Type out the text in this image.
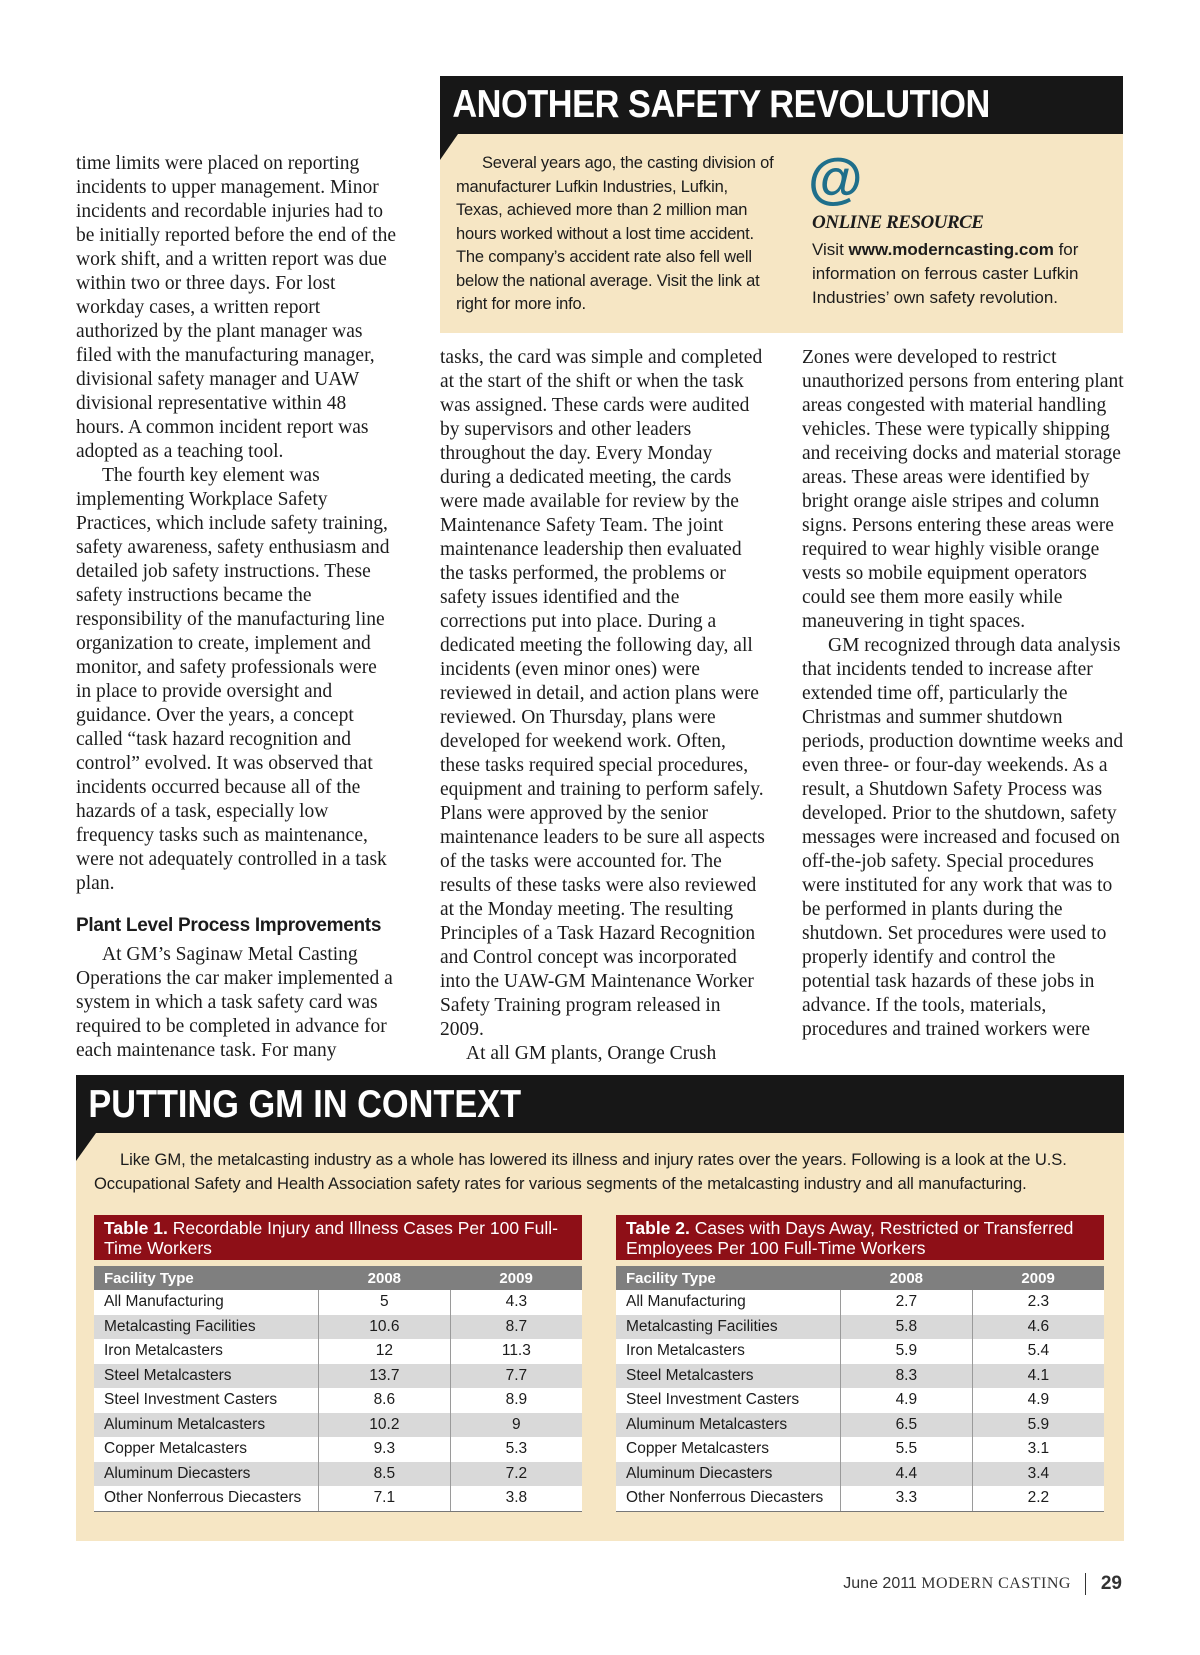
time limits were placed on reporting incidents to upper management. Minor incidents and recordable injuries had to be initially reported before the end of the work shift, and a written report was due within two or three days. For lost workday cases, a written report authorized by the plant manager was filed with the manufacturing manager, divisional safety manager and UAW divisional representative within 48 hours. A common incident report was adopted as a teaching tool.

The fourth key element was implementing Workplace Safety Practices, which include safety training, safety awareness, safety enthusiasm and detailed job safety instructions. These safety instructions became the responsibility of the manufacturing line organization to create, implement and monitor, and safety professionals were in place to provide oversight and guidance. Over the years, a concept called “task hazard recognition and control” evolved. It was observed that incidents occurred because all of the hazards of a task, especially low frequency tasks such as maintenance, were not adequately controlled in a task plan.

Plant Level Process Improvements

At GM’s Saginaw Metal Casting Operations the car maker implemented a system in which a task safety card was required to be completed in advance for each maintenance task. For many

tasks, the card was simple and completed at the start of the shift or when the task was assigned. These cards were audited by supervisors and other leaders throughout the day. Every Monday during a dedicated meeting, the cards were made available for review by the Maintenance Safety Team. The joint maintenance leadership then evaluated the tasks performed, the problems or safety issues identified and the corrections put into place. During a dedicated meeting the following day, all incidents (even minor ones) were reviewed in detail, and action plans were reviewed. On Thursday, plans were developed for weekend work. Often, these tasks required special procedures, equipment and training to perform safely. Plans were approved by the senior maintenance leaders to be sure all aspects of the tasks were accounted for. The results of these tasks were also reviewed at the Monday meeting. The resulting Principles of a Task Hazard Recognition and Control concept was incorporated into the UAW-GM Maintenance Worker Safety Training program released in 2009.

At all GM plants, Orange Crush

Zones were developed to restrict unauthorized persons from entering plant areas congested with material handling vehicles. These were typically shipping and receiving docks and material storage areas. These areas were identified by bright orange aisle stripes and column signs. Persons entering these areas were required to wear highly visible orange vests so mobile equipment operators could see them more easily while maneuvering in tight spaces.

GM recognized through data analysis that incidents tended to increase after extended time off, particularly the Christmas and summer shutdown periods, production downtime weeks and even three- or four-day weekends. As a result, a Shutdown Safety Process was developed. Prior to the shutdown, safety messages were increased and focused on off-the-job safety. Special procedures were instituted for any work that was to be performed in plants during the shutdown. Set procedures were used to properly identify and control the potential task hazards of these jobs in advance. If the tools, materials, procedures and trained workers were

ANOTHER SAFETY REVOLUTION

Several years ago, the casting division of manufacturer Lufkin Industries, Lufkin, Texas, achieved more than 2 million man hours worked without a lost time accident. The company’s accident rate also fell well below the national average. Visit the link at right for more info.

@
ONLINE RESOURCE

Visit www.moderncasting.com for information on ferrous caster Lufkin Industries’ own safety revolution.

PUTTING GM IN CONTEXT

Like GM, the metalcasting industry as a whole has lowered its illness and injury rates over the years. Following is a look at the U.S. Occupational Safety and Health Association safety rates for various segments of the metalcasting industry and all manufacturing.

Table 1. Recordable Injury and Illness Cases Per 100 Full-Time Workers
Facility Type	2008	2009
All Manufacturing	5	4.3
Metalcasting Facilities	10.6	8.7
Iron Metalcasters	12	11.3
Steel Metalcasters	13.7	7.7
Steel Investment Casters	8.6	8.9
Aluminum Metalcasters	10.2	9
Copper Metalcasters	9.3	5.3
Aluminum Diecasters	8.5	7.2
Other Nonferrous Diecasters	7.1	3.8
Table 2. Cases with Days Away, Restricted or Transferred Employees Per 100 Full-Time Workers
Facility Type	2008	2009
All Manufacturing	2.7	2.3
Metalcasting Facilities	5.8	4.6
Iron Metalcasters	5.9	5.4
Steel Metalcasters	8.3	4.1
Steel Investment Casters	4.9	4.9
Aluminum Metalcasters	6.5	5.9
Copper Metalcasters	5.5	3.1
Aluminum Diecasters	4.4	3.4
Other Nonferrous Diecasters	3.3	2.2
June 2011 MODERN CASTING 29
